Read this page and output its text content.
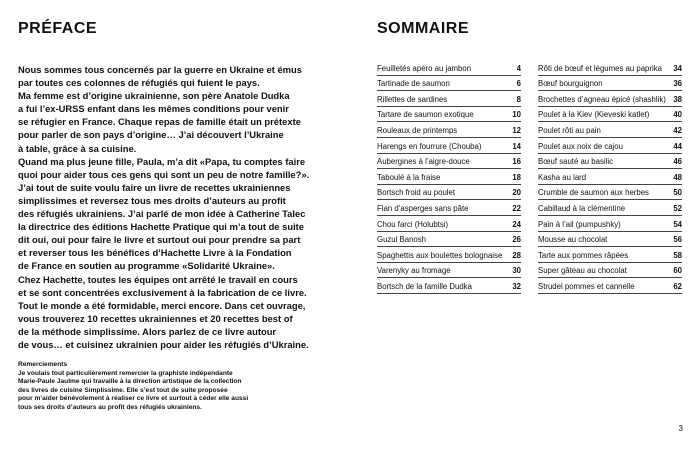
PRÉFACE

Nous sommes tous concernés par la guerre en Ukraine et émus

par toutes ces colonnes de réfugiés qui fuient le pays.

Ma femme est d’origine ukrainienne, son père Anatole Dudka

a fui l’ex-URSS enfant dans les mêmes conditions pour venir

se réfugier en France. Chaque repas de famille était un prétexte

pour parler de son pays d’origine… J’ai découvert l’Ukraine

à table, grâce à sa cuisine.

Quand ma plus jeune fille, Paula, m’a dit «Papa, tu comptes faire

quoi pour aider tous ces gens qui sont un peu de notre famille?».

J’ai tout de suite voulu faire un livre de recettes ukrainiennes

simplissimes et reversez tous mes droits d’auteurs au profit

des réfugiés ukrainiens. J’ai parlé de mon idée à Catherine Talec

la directrice des éditions Hachette Pratique qui m’a tout de suite

dit oui, oui pour faire le livre et surtout oui pour prendre sa part

et reverser tous les bénéfices d’Hachette Livre à la Fondation

de France en soutien au programme «Solidarité Ukraine».

Chez Hachette, toutes les équipes ont arrêté le travail en cours

et se sont concentrées exclusivement à la fabrication de ce livre.

Tout le monde a été formidable, merci encore. Dans cet ouvrage,

vous trouverez 10 recettes ukrainiennes et 20 recettes best of

de la méthode simplissime. Alors parlez de ce livre autour

de vous… et cuisinez ukrainien pour aider les réfugiés d’Ukraine.

Remerciements

Je voulais tout particulièrement remercier la graphiste indépendante

Marie-Paule Jaulme qui travaille à la direction artistique de la collection

des livres de cuisine Simplissime. Elle s’est tout de suite proposée

pour m’aider bénévolement à réaliser ce livre et surtout à céder elle aussi

tous ses droits d’auteurs au profit des réfugiés ukrainiens.

SOMMAIRE
Feuilletés apéro au jambon	4
Tartinade de saumon	6
Rillettes de sardines	8
Tartare de saumon exotique	10
Rouleaux de printemps	12
Harengs en fourrure (Chouba)	14
Aubergines à l’aigre-douce	16
Taboulé à la fraise	18
Bortsch froid au poulet	20
Flan d’asperges sans pâte	22
Chou farci (Holubtsi)	24
Guzul Banosh	26
Spaghettis aux boulettes bolognaise 28
Varenyky au fromage	30
Bortsch de la famille Dudka	32
Rôti de bœuf et légumes au paprika 34
Bœuf bourguignon	36
Brochettes d’agneau épicé (shashlik) 38
Poulet à la Kiev (Kieveski katlet)	40
Poulet rôti au pain	42
Poulet aux noix de cajou	44
Bœuf sauté au basilic	46
Kasha au lard	48
Crumble de saumon aux herbes	50
Cabillaud à la clémentine	52
Pain à l’ail (pumpushky)	54
Mousse au chocolat	56
Tarte aux pommes râpées	58
Super gâteau au chocolat	60
Strudel pommes et cannelle	62
3
